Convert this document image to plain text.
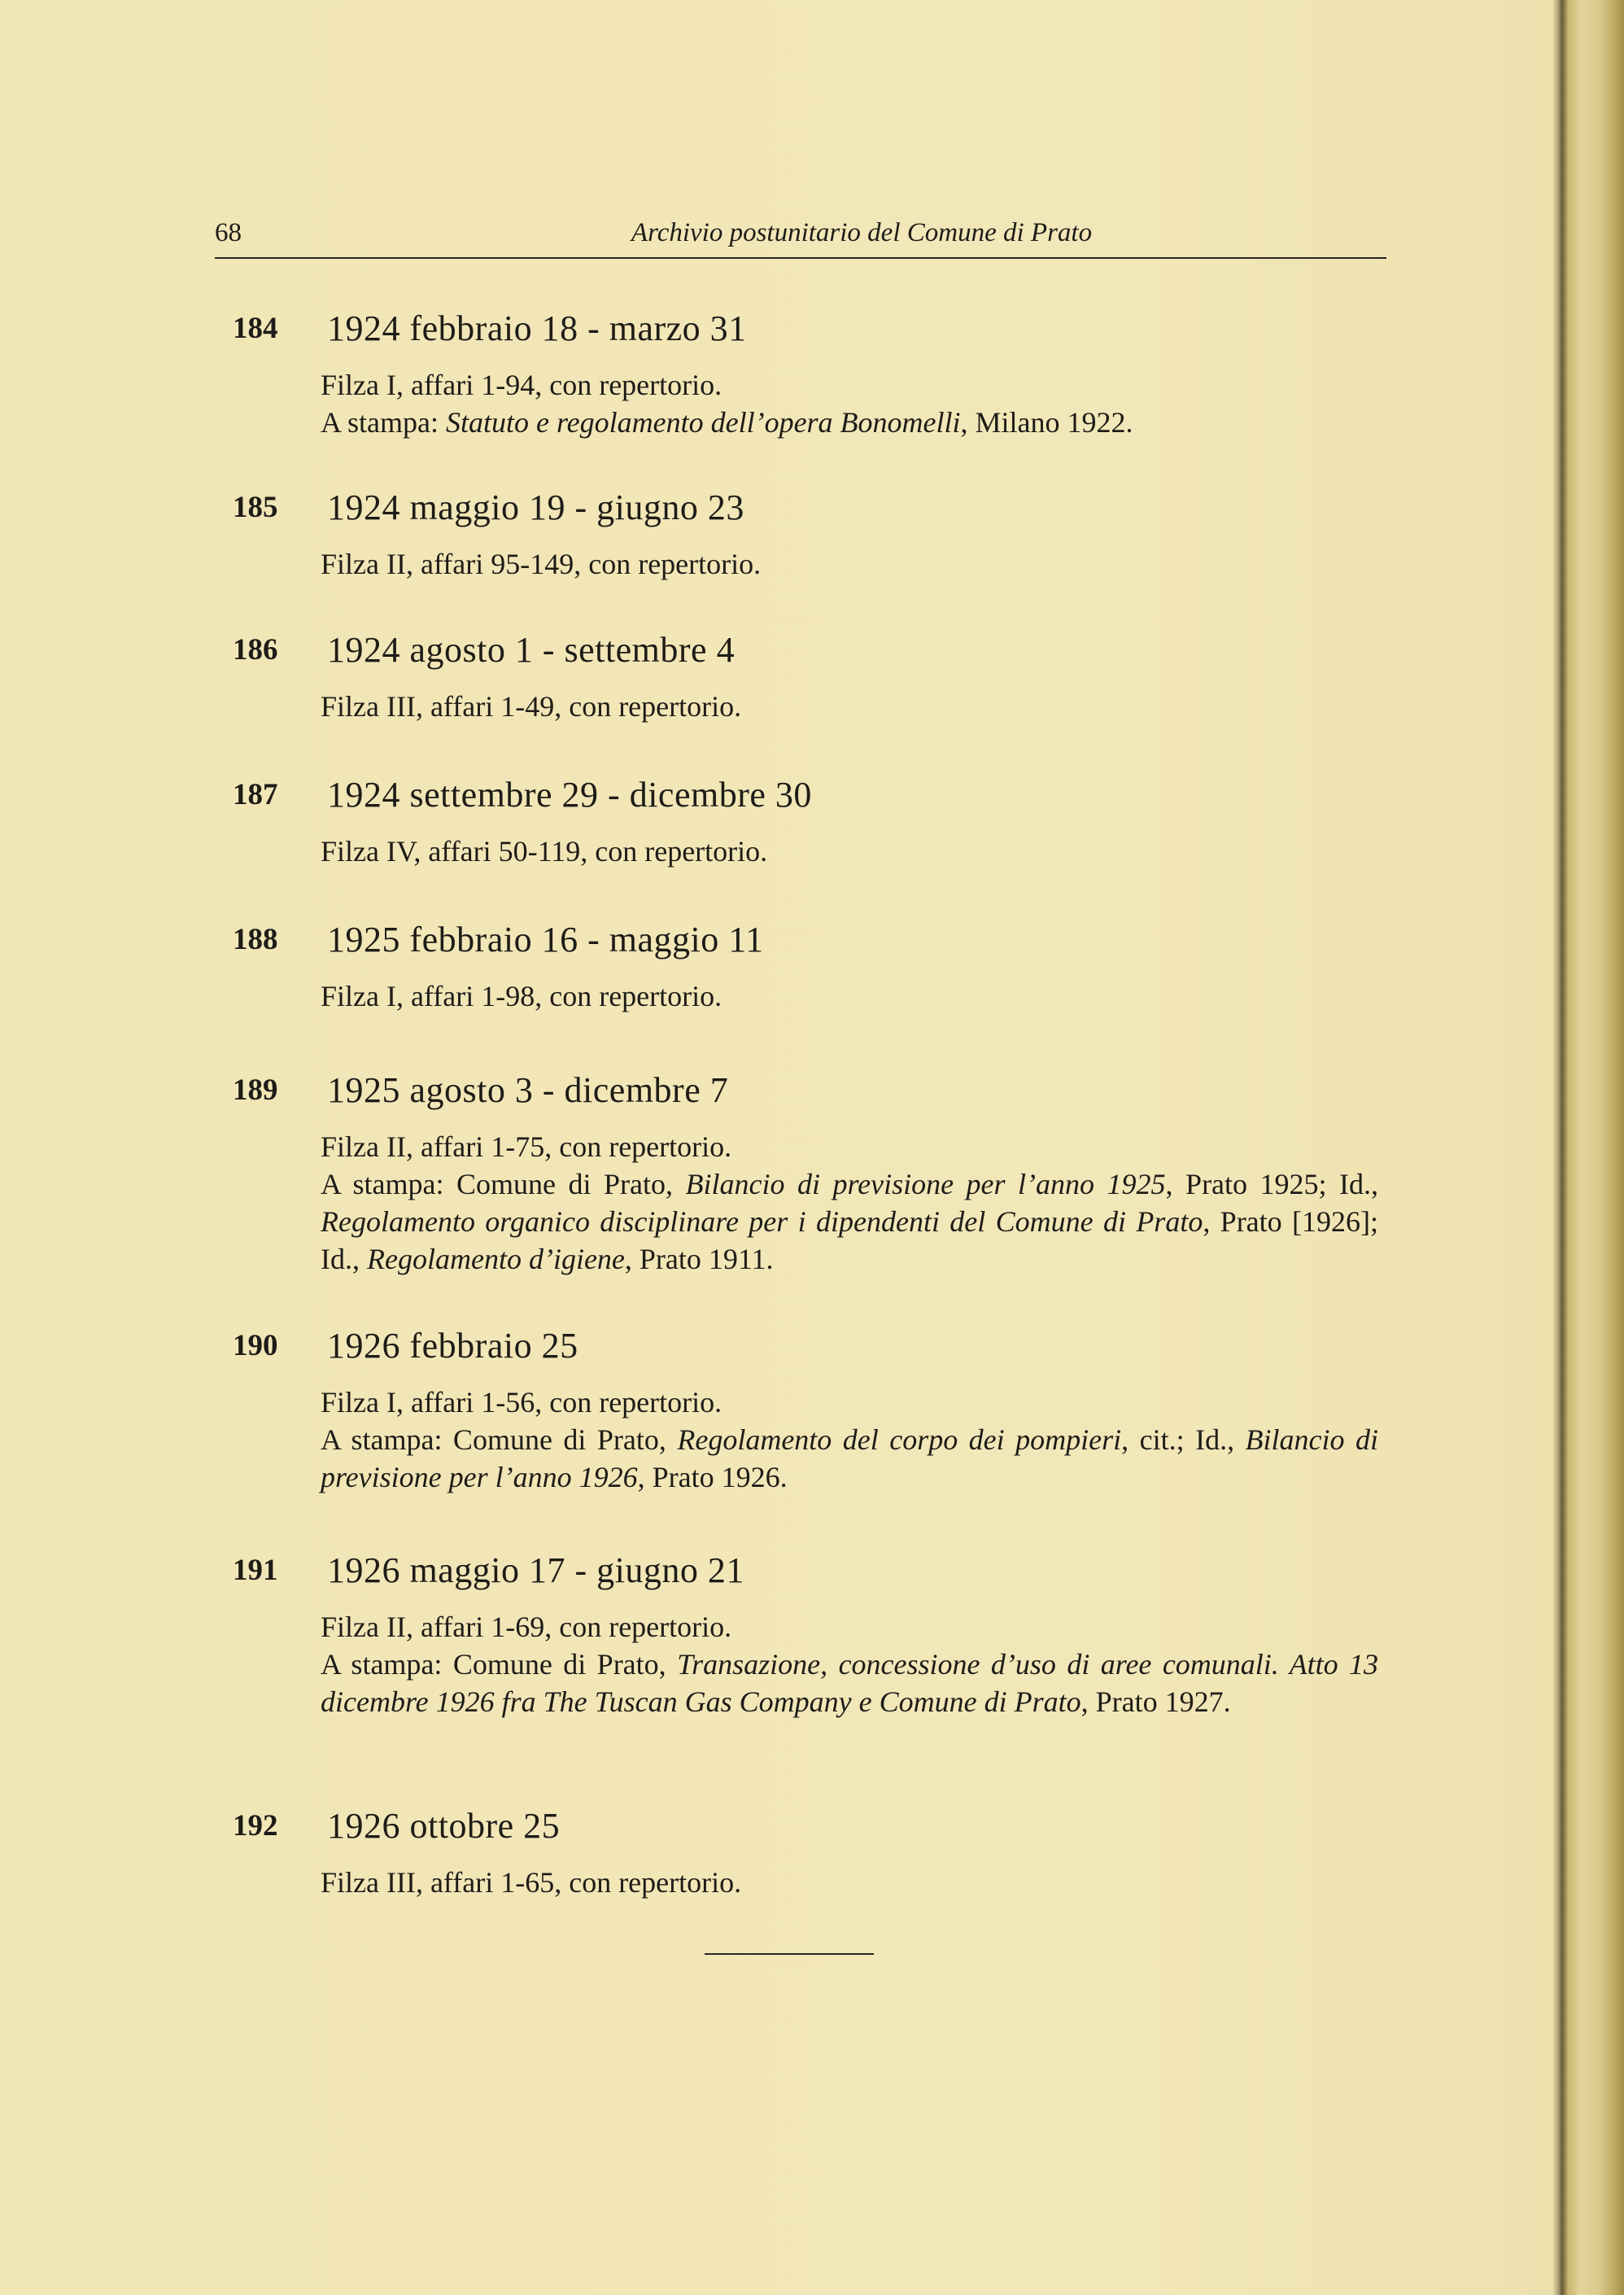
68	Archivio postunitario del Comune di Prato
184	1924 febbraio 18 - marzo 31

Filza I, affari 1-94, con repertorio.

A stampa: Statuto e regolamento dell’opera Bonomelli, Milano 1922.

185	1924 maggio 19 - giugno 23

Filza II, affari 95-149, con repertorio.

186	1924 agosto 1 - settembre 4

Filza III, affari 1-49, con repertorio.

187	1924 settembre 29 - dicembre 30

Filza IV, affari 50-119, con repertorio.

188	1925 febbraio 16 - maggio 11

Filza I, affari 1-98, con repertorio.

189	1925 agosto 3 - dicembre 7

Filza II, affari 1-75, con repertorio.

A stampa: Comune di Prato, Bilancio di previsione per l’anno 1925, Prato 1925; Id., Regolamento organico disciplinare per i dipendenti del Comune di Prato, Prato [1926]; Id., Regolamento d’igiene, Prato 1911.

190	1926 febbraio 25

Filza I, affari 1-56, con repertorio.

A stampa: Comune di Prato, Regolamento del corpo dei pompieri, cit.; Id., Bilancio di previsione per l’anno 1926, Prato 1926.

191	1926 maggio 17 - giugno 21

Filza II, affari 1-69, con repertorio.

A stampa: Comune di Prato, Transazione, concessione d’uso di aree comunali. Atto 13 dicembre 1926 fra The Tuscan Gas Company e Comune di Prato, Prato 1927.

192	1926 ottobre 25

Filza III, affari 1-65, con repertorio.
